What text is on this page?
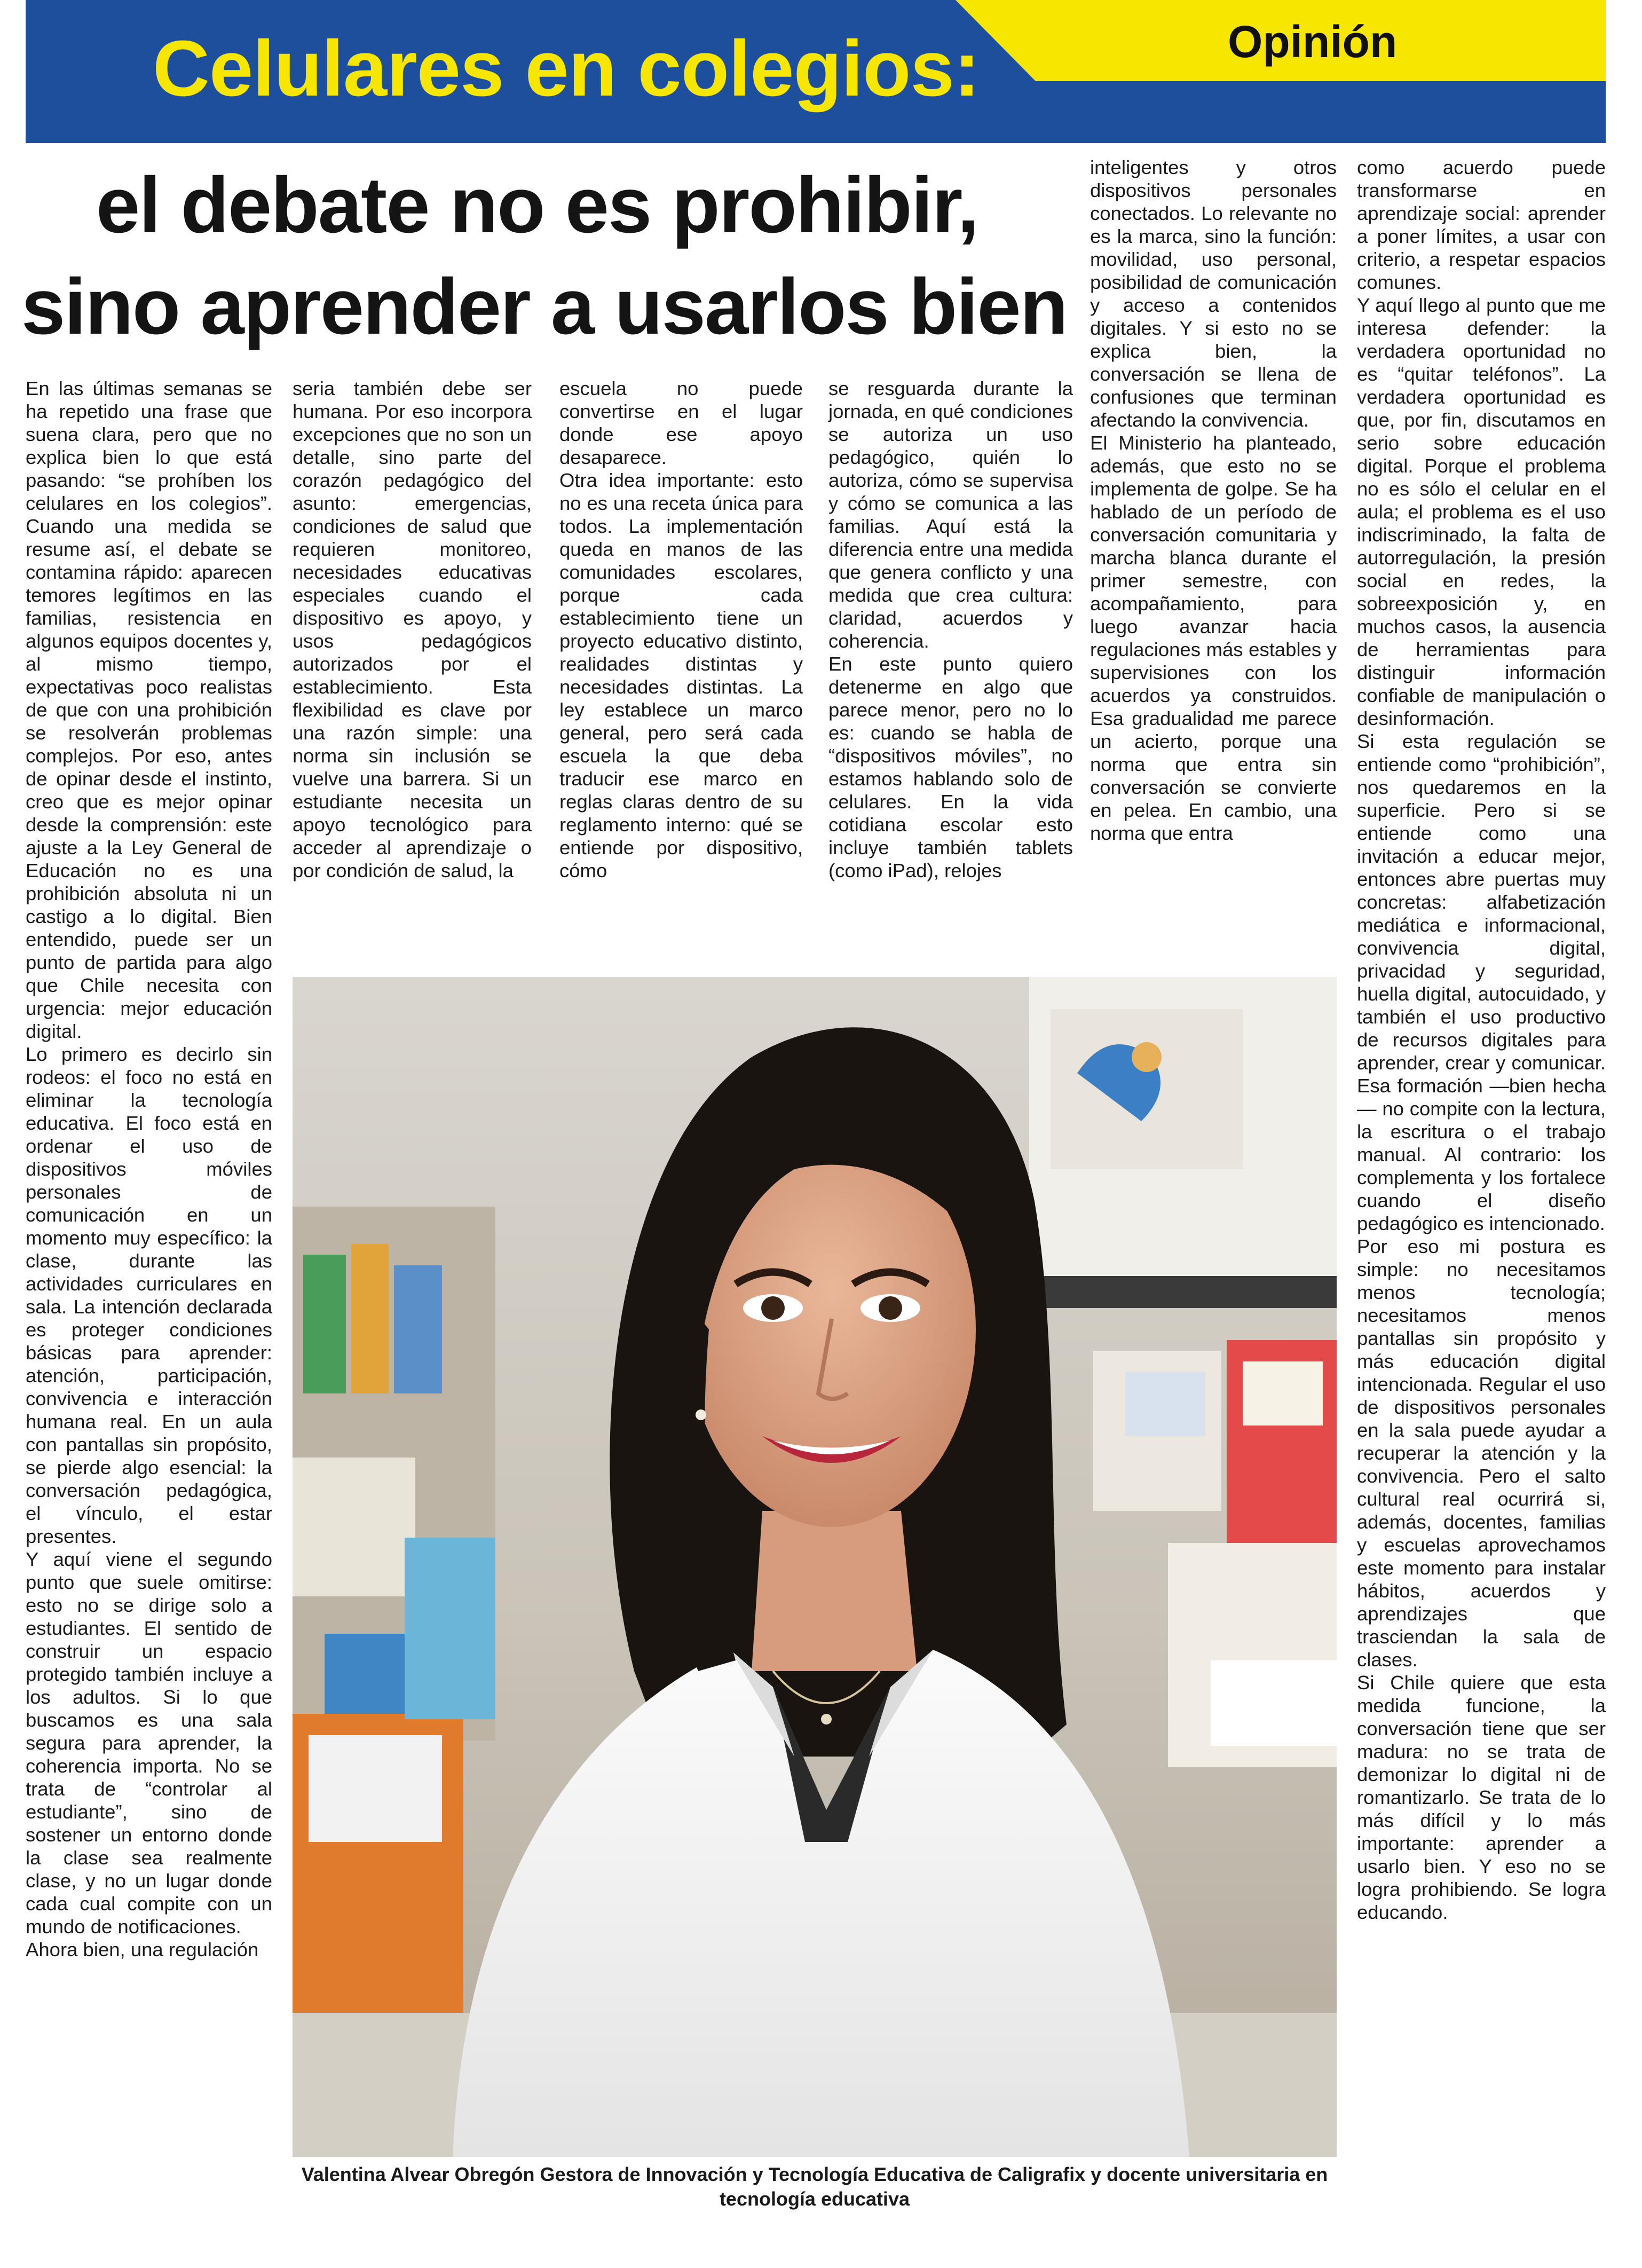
Celulares en colegios:	Opinión
el debate no es prohibir,
sino aprender a usarlos bien

En las últimas semanas se ha repetido una frase que suena clara, pero que no explica bien lo que está pasando: “se prohíben los celulares en los colegios”. Cuando una medida se resume así, el debate se contamina rápido: aparecen temores legítimos en las familias, resistencia en algunos equipos docentes y, al mismo tiempo, expectativas poco realistas de que con una prohibición se resolverán problemas complejos. Por eso, antes de opinar desde el instinto, creo que es mejor opinar desde la comprensión: este ajuste a la Ley General de Educación no es una prohibición absoluta ni un castigo a lo digital. Bien entendido, puede ser un punto de partida para algo que Chile necesita con urgencia: mejor educación digital.

Lo primero es decirlo sin rodeos: el foco no está en eliminar la tecnología educativa. El foco está en ordenar el uso de dispositivos móviles personales de comunicación en un momento muy específico: la clase, durante las actividades curriculares en sala. La intención declarada es proteger condiciones básicas para aprender: atención, participación, convivencia e interacción humana real. En un aula con pantallas sin propósito, se pierde algo esencial: la conversación pedagógica, el vínculo, el estar presentes.

Y aquí viene el segundo punto que suele omitirse: esto no se dirige solo a estudiantes. El sentido de construir un espacio protegido también incluye a los adultos. Si lo que buscamos es una sala segura para aprender, la coherencia importa. No se trata de “controlar al estudiante”, sino de sostener un entorno donde la clase sea realmente clase, y no un lugar donde cada cual compite con un mundo de notificaciones.

Ahora bien, una regulación

seria también debe ser humana. Por eso incorpora excepciones que no son un detalle, sino parte del corazón pedagógico del asunto: emergencias, condiciones de salud que requieren monitoreo, necesidades educativas especiales cuando el dispositivo es apoyo, y usos pedagógicos autorizados por el establecimiento. Esta flexibilidad es clave por una razón simple: una norma sin inclusión se vuelve una barrera. Si un estudiante necesita un apoyo tecnológico para acceder al aprendizaje o por condición de salud, la

escuela no puede convertirse en el lugar donde ese apoyo desaparece.

Otra idea importante: esto no es una receta única para todos. La implementación queda en manos de las comunidades escolares, porque cada establecimiento tiene un proyecto educativo distinto, realidades distintas y necesidades distintas. La ley establece un marco general, pero será cada escuela la que deba traducir ese marco en reglas claras dentro de su reglamento interno: qué se entiende por dispositivo, cómo

se resguarda durante la jornada, en qué condiciones se autoriza un uso pedagógico, quién lo autoriza, cómo se supervisa y cómo se comunica a las familias. Aquí está la diferencia entre una medida que genera conflicto y una medida que crea cultura: claridad, acuerdos y coherencia.

En este punto quiero detenerme en algo que parece menor, pero no lo es: cuando se habla de “dispositivos móviles”, no estamos hablando solo de celulares. En la vida cotidiana escolar esto incluye también tablets (como iPad), relojes

inteligentes y otros dispositivos personales conectados. Lo relevante no es la marca, sino la función: movilidad, uso personal, posibilidad de comunicación y acceso a contenidos digitales. Y si esto no se explica bien, la conversación se llena de confusiones que terminan afectando la convivencia.

El Ministerio ha planteado, además, que esto no se implementa de golpe. Se ha hablado de un período de conversación comunitaria y marcha blanca durante el primer semestre, con acompañamiento, para luego avanzar hacia regulaciones más estables y supervisiones con los acuerdos ya construidos. Esa gradualidad me parece un acierto, porque una norma que entra sin conversación se convierte en pelea. En cambio, una norma que entra

como acuerdo puede transformarse en aprendizaje social: aprender a poner límites, a usar con criterio, a respetar espacios comunes.

Y aquí llego al punto que me interesa defender: la verdadera oportunidad no es “quitar teléfonos”. La verdadera oportunidad es que, por fin, discutamos en serio sobre educación digital. Porque el problema no es sólo el celular en el aula; el problema es el uso indiscriminado, la falta de autorregulación, la presión social en redes, la sobreexposición y, en muchos casos, la ausencia de herramientas para distinguir información confiable de manipulación o desinformación.

Si esta regulación se entiende como “prohibición”, nos quedaremos en la superficie. Pero si se entiende como una invitación a educar mejor, entonces abre puertas muy concretas: alfabetización mediática e informacional, convivencia digital, privacidad y seguridad, huella digital, autocuidado, y también el uso productivo de recursos digitales para aprender, crear y comunicar. Esa formación —bien hecha— no compite con la lectura, la escritura o el trabajo manual. Al contrario: los complementa y los fortalece cuando el diseño pedagógico es intencionado.

Por eso mi postura es simple: no necesitamos menos tecnología; necesitamos menos pantallas sin propósito y más educación digital intencionada. Regular el uso de dispositivos personales en la sala puede ayudar a recuperar la atención y la convivencia. Pero el salto cultural real ocurrirá si, además, docentes, familias y escuelas aprovechamos este momento para instalar hábitos, acuerdos y aprendizajes que trasciendan la sala de clases.

Si Chile quiere que esta medida funcione, la conversación tiene que ser madura: no se trata de demonizar lo digital ni de romantizarlo. Se trata de lo más difícil y lo más importante: aprender a usarlo bien. Y eso no se logra prohibiendo. Se logra educando.

Valentina Alvear Obregón Gestora de Innovación y Tecnología Educativa de Caligrafix y docente universitaria en tecnología educativa
